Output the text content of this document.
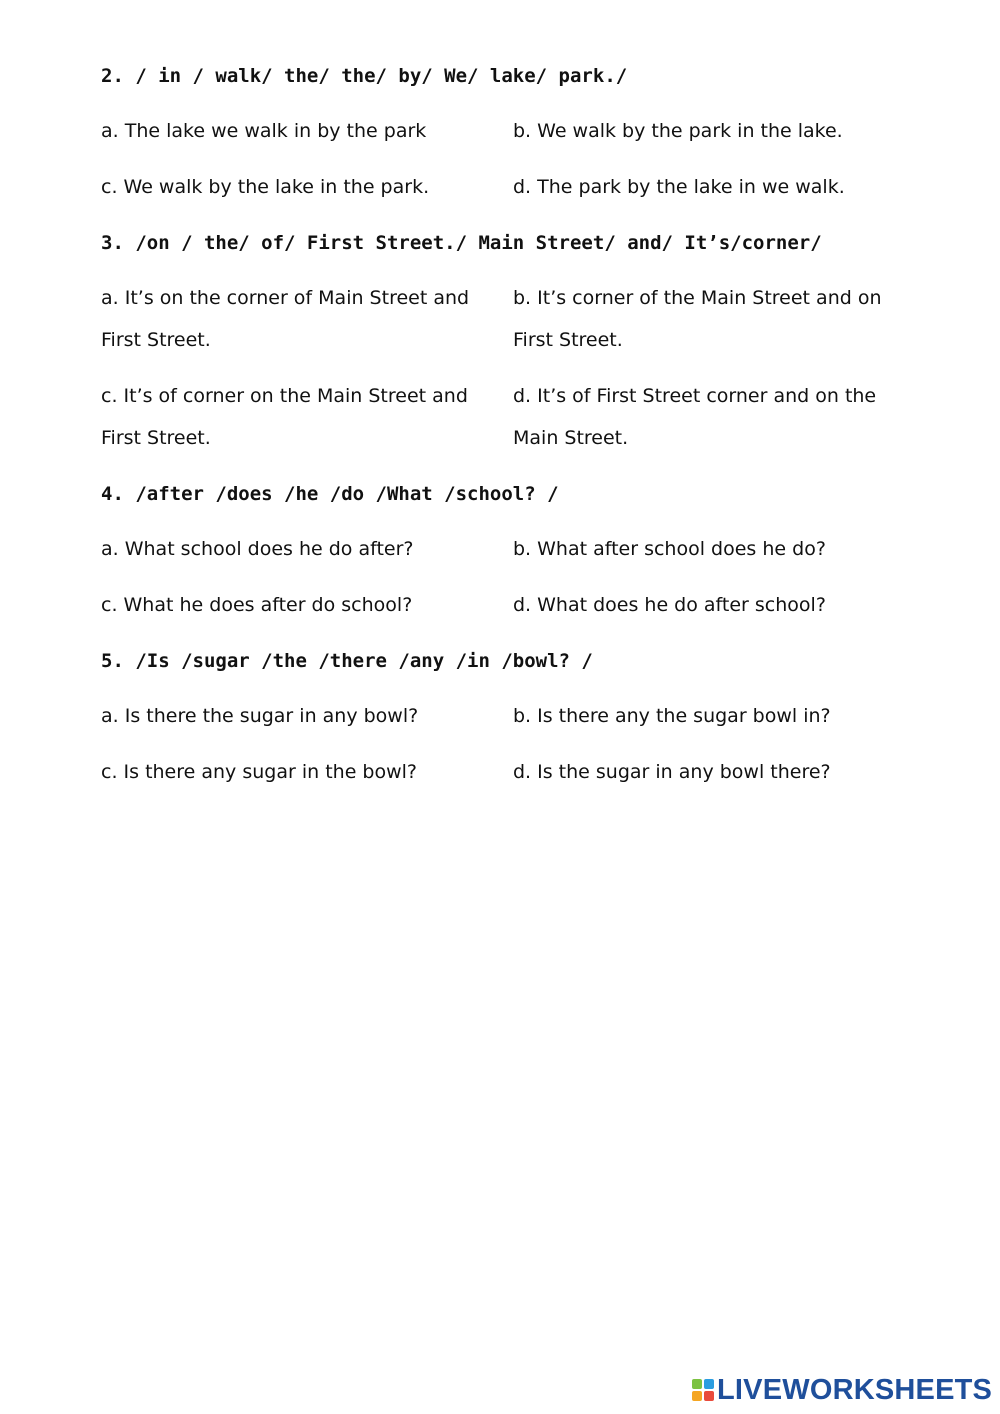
2. / in / walk/ the/ the/ by/ We/ lake/ park./
a. The lake we walk in by the park	b. We walk by the park in the lake.
c. We walk by the lake in the park.	d. The park by the lake in we walk.
3. /on / the/ of/ First Street./ Main Street/ and/ It’s/corner/
a. It’s on the corner of Main Street and First Street.
b. It’s corner of the Main Street and on First Street.
c. It’s of corner on the Main Street and First Street.
d. It’s of First Street corner and on the Main Street.
4. /after /does /he /do /What /school? /
a. What school does he do after?	b. What after school does he do?
c. What he does after do school?	d. What does he do after school?
5. /Is /sugar /the /there /any /in /bowl? /
a. Is there the sugar in any bowl?	b. Is there any the sugar bowl in?
c. Is there any sugar in the bowl?	d. Is the sugar in any bowl there?
LIVEWORKSHEETS
